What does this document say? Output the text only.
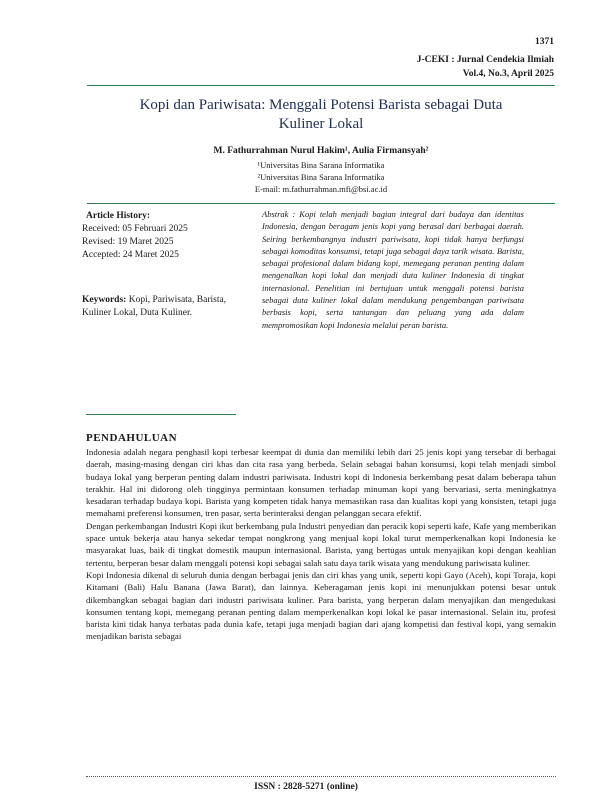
1371
J-CEKI : Jurnal Cendekia Ilmiah
Vol.4, No.3, April 2025
Kopi dan Pariwisata: Menggali Potensi Barista sebagai Duta
Kuliner Lokal
M. Fathurrahman Nurul Hakim¹, Aulia Firmansyah²
¹Universitas Bina Sarana Informatika
²Universitas Bina Sarana Informatika
E-mail: m.fathurrahman.mfi@bsi.ac.id
Article History:
Received: 05 Februari 2025
Revised: 19 Maret 2025
Accepted: 24 Maret 2025
Keywords: Kopi, Pariwisata, Barista, Kuliner Lokal, Duta Kuliner.
Abstrak : Kopi telah menjadi bagian integral dari budaya dan identitas Indonesia, dengan beragam jenis kopi yang berasal dari berbagai daerah. Seiring berkembangnya industri pariwisata, kopi tidak hanya berfungsi sebagai komoditas konsumsi, tetapi juga sebagai daya tarik wisata. Barista, sebagai profesional dalam bidang kopi, memegang peranan penting dalam mengenalkan kopi lokal dan menjadi duta kuliner Indonesia di tingkat internasional. Penelitian ini bertujuan untuk menggali potensi barista sebagai duta kuliner lokal dalam mendukung pengembangan pariwisata berbasis kopi, serta tantangan dan peluang yang ada dalam mempromosikan kopi Indonesia melalui peran barista.
PENDAHULUAN

Indonesia adalah negara penghasil kopi terbesar keempat di dunia dan memiliki lebih dari 25 jenis kopi yang tersebar di berbagai daerah, masing-masing dengan ciri khas dan cita rasa yang berbeda. Selain sebagai bahan konsumsi, kopi telah menjadi simbol budaya lokal yang berperan penting dalam industri pariwisata. Industri kopi di Indonesia berkembang pesat dalam beberapa tahun terakhir. Hal ini didorong oleh tingginya permintaan konsumen terhadap minuman kopi yang bervariasi, serta meningkatnya kesadaran terhadap budaya kopi. Barista yang kompeten tidak hanya memastikan rasa dan kualitas kopi yang konsisten, tetapi juga memahami preferensi konsumen, tren pasar, serta berinteraksi dengan pelanggan secara efektif.

Dengan perkembangan Industri Kopi ikut berkembang pula Industri penyedian dan peracik kopi seperti kafe, Kafe yang memberikan space untuk bekerja atau hanya sekedar tempat nongkrong yang menjual kopi lokal turut memperkenalkan kopi Indonesia ke masyarakat luas, baik di tingkat domestik maupun internasional. Barista, yang bertugas untuk menyajikan kopi dengan keahlian tertentu, berperan besar dalam menggali potensi kopi sebagai salah satu daya tarik wisata yang mendukung pariwisata kuliner.

Kopi Indonesia dikenal di seluruh dunia dengan berbagai jenis dan ciri khas yang unik, seperti kopi Gayo (Aceh), kopi Toraja, kopi Kitamani (Bali) Halu Banana (Jawa Barat), dan lainnya. Keberagaman jenis kopi ini menunjukkan potensi besar untuk dikembangkan sebagai bagian dari industri pariwisata kuliner. Para barista, yang berperan dalam menyajikan dan mengedukasi konsumen tentang kopi, memegang peranan penting dalam memperkenalkan kopi lokal ke pasar internasional. Selain itu, profesi barista kini tidak hanya terbatas pada dunia kafe, tetapi juga menjadi bagian dari ajang kompetisi dan festival kopi, yang semakin menjadikan barista sebagai

ISSN : 2828-5271 (online)
